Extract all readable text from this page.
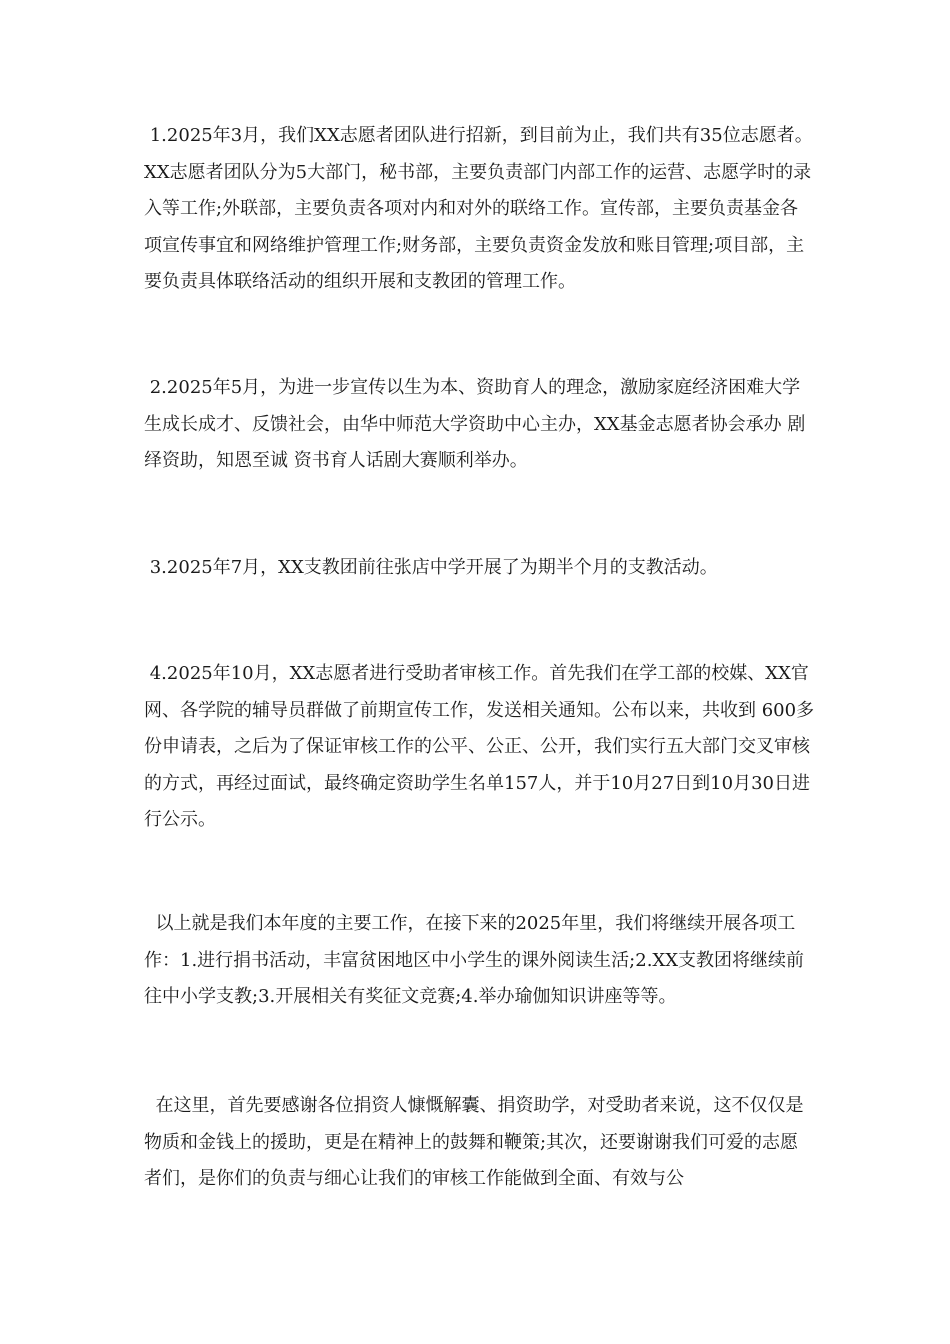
1.2025年3月，我们XX志愿者团队进行招新，到目前为止，我们共有35位志愿者。XX志愿者团队分为5大部门，秘书部，主要负责部门内部工作的运营、志愿学时的录入等工作;外联部，主要负责各项对内和对外的联络工作。宣传部，主要负责基金各项宣传事宜和网络维护管理工作;财务部，主要负责资金发放和账目管理;项目部，主要负责具体联络活动的组织开展和支教团的管理工作。

2.2025年5月，为进一步宣传以生为本、资助育人的理念，激励家庭经济困难大学生成长成才、反馈社会，由华中师范大学资助中心主办，XX基金志愿者协会承办 剧绎资助，知恩至诚 资书育人话剧大赛顺利举办。

3.2025年7月，XX支教团前往张店中学开展了为期半个月的支教活动。

4.2025年10月，XX志愿者进行受助者审核工作。首先我们在学工部的校媒、XX官网、各学院的辅导员群做了前期宣传工作，发送相关通知。公布以来，共收到 600多份申请表，之后为了保证审核工作的公平、公正、公开，我们实行五大部门交叉审核的方式，再经过面试，最终确定资助学生名单157人，并于10月27日到10月30日进行公示。

以上就是我们本年度的主要工作，在接下来的2025年里，我们将继续开展各项工作：1.进行捐书活动，丰富贫困地区中小学生的课外阅读生活;2.XX支教团将继续前往中小学支教;3.开展相关有奖征文竞赛;4.举办瑜伽知识讲座等等。

在这里，首先要感谢各位捐资人慷慨解囊、捐资助学，对受助者来说，这不仅仅是物质和金钱上的援助，更是在精神上的鼓舞和鞭策;其次，还要谢谢我们可爱的志愿者们，是你们的负责与细心让我们的审核工作能做到全面、有效与公
